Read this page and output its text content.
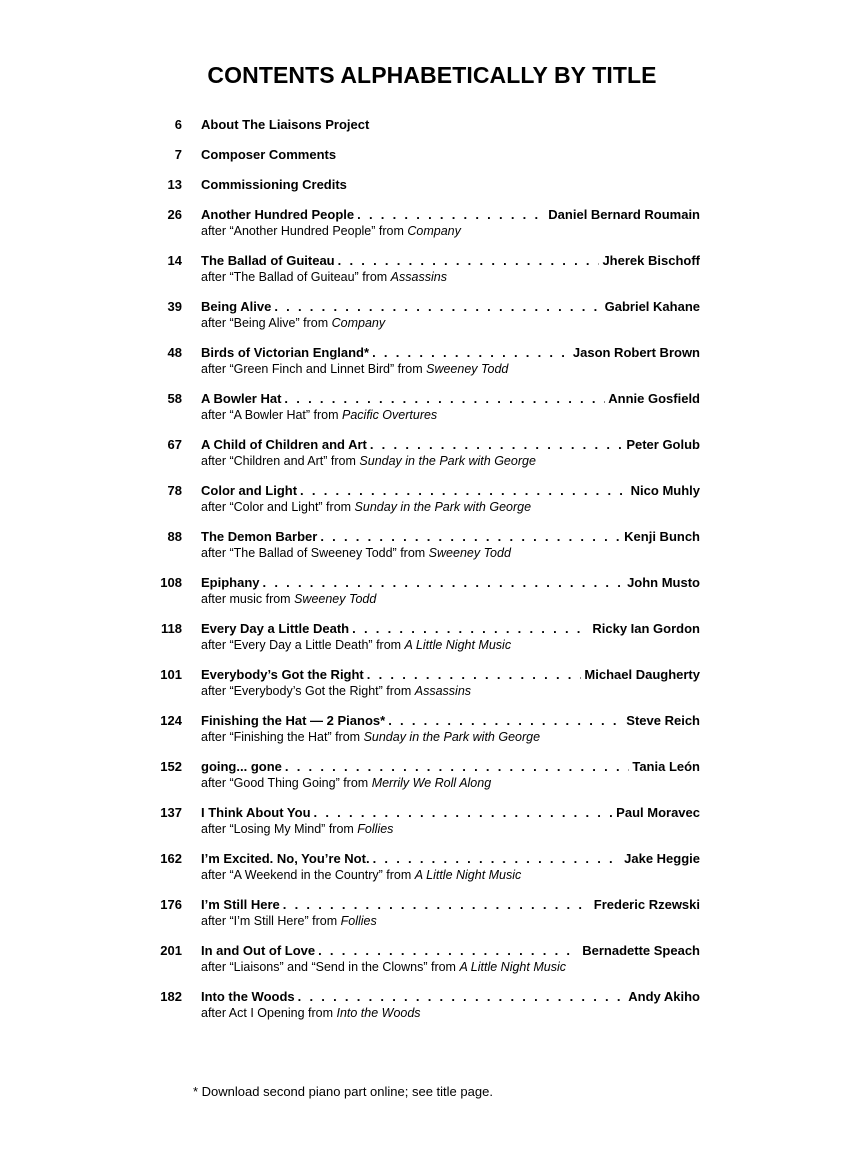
CONTENTS ALPHABETICALLY BY TITLE
6 About The Liaisons Project
7 Composer Comments
13 Commissioning Credits
26 Another Hundred People . . .	Daniel Bernard Roumain
after “Another Hundred People” from Company
14 The Ballad of Guiteau . . .	Jherek Bischoff
after “The Ballad of Guiteau” from Assassins
39 Being Alive . . .	Gabriel Kahane
after “Being Alive” from Company
48 Birds of Victorian England* . . .	Jason Robert Brown
after “Green Finch and Linnet Bird” from Sweeney Todd
58 A Bowler Hat . . .	Annie Gosfield
after “A Bowler Hat” from Pacific Overtures
67 A Child of Children and Art . . .	Peter Golub
after “Children and Art” from Sunday in the Park with George
78 Color and Light . . .	Nico Muhly
after “Color and Light” from Sunday in the Park with George
88 The Demon Barber . . .	Kenji Bunch
after “The Ballad of Sweeney Todd” from Sweeney Todd
108 Epiphany . . .	John Musto
after music from Sweeney Todd
118 Every Day a Little Death . . .	Ricky Ian Gordon
after “Every Day a Little Death” from A Little Night Music
101 Everybody’s Got the Right . . .	Michael Daugherty
after “Everybody’s Got the Right” from Assassins
124 Finishing the Hat — 2 Pianos* . . .	Steve Reich
after “Finishing the Hat” from Sunday in the Park with George
152 going... gone . . .	Tania León
after “Good Thing Going” from Merrily We Roll Along
137 I Think About You . . .	Paul Moravec
after “Losing My Mind” from Follies
162 I’m Excited. No, You’re Not. . . .	Jake Heggie
after “A Weekend in the Country” from A Little Night Music
176 I’m Still Here . . .	Frederic Rzewski
after “I’m Still Here” from Follies
201 In and Out of Love . . .	Bernadette Speach
after “Liaisons” and “Send in the Clowns” from A Little Night Music
182 Into the Woods . . .	Andy Akiho
after Act I Opening from Into the Woods
* Download second piano part online; see title page.
